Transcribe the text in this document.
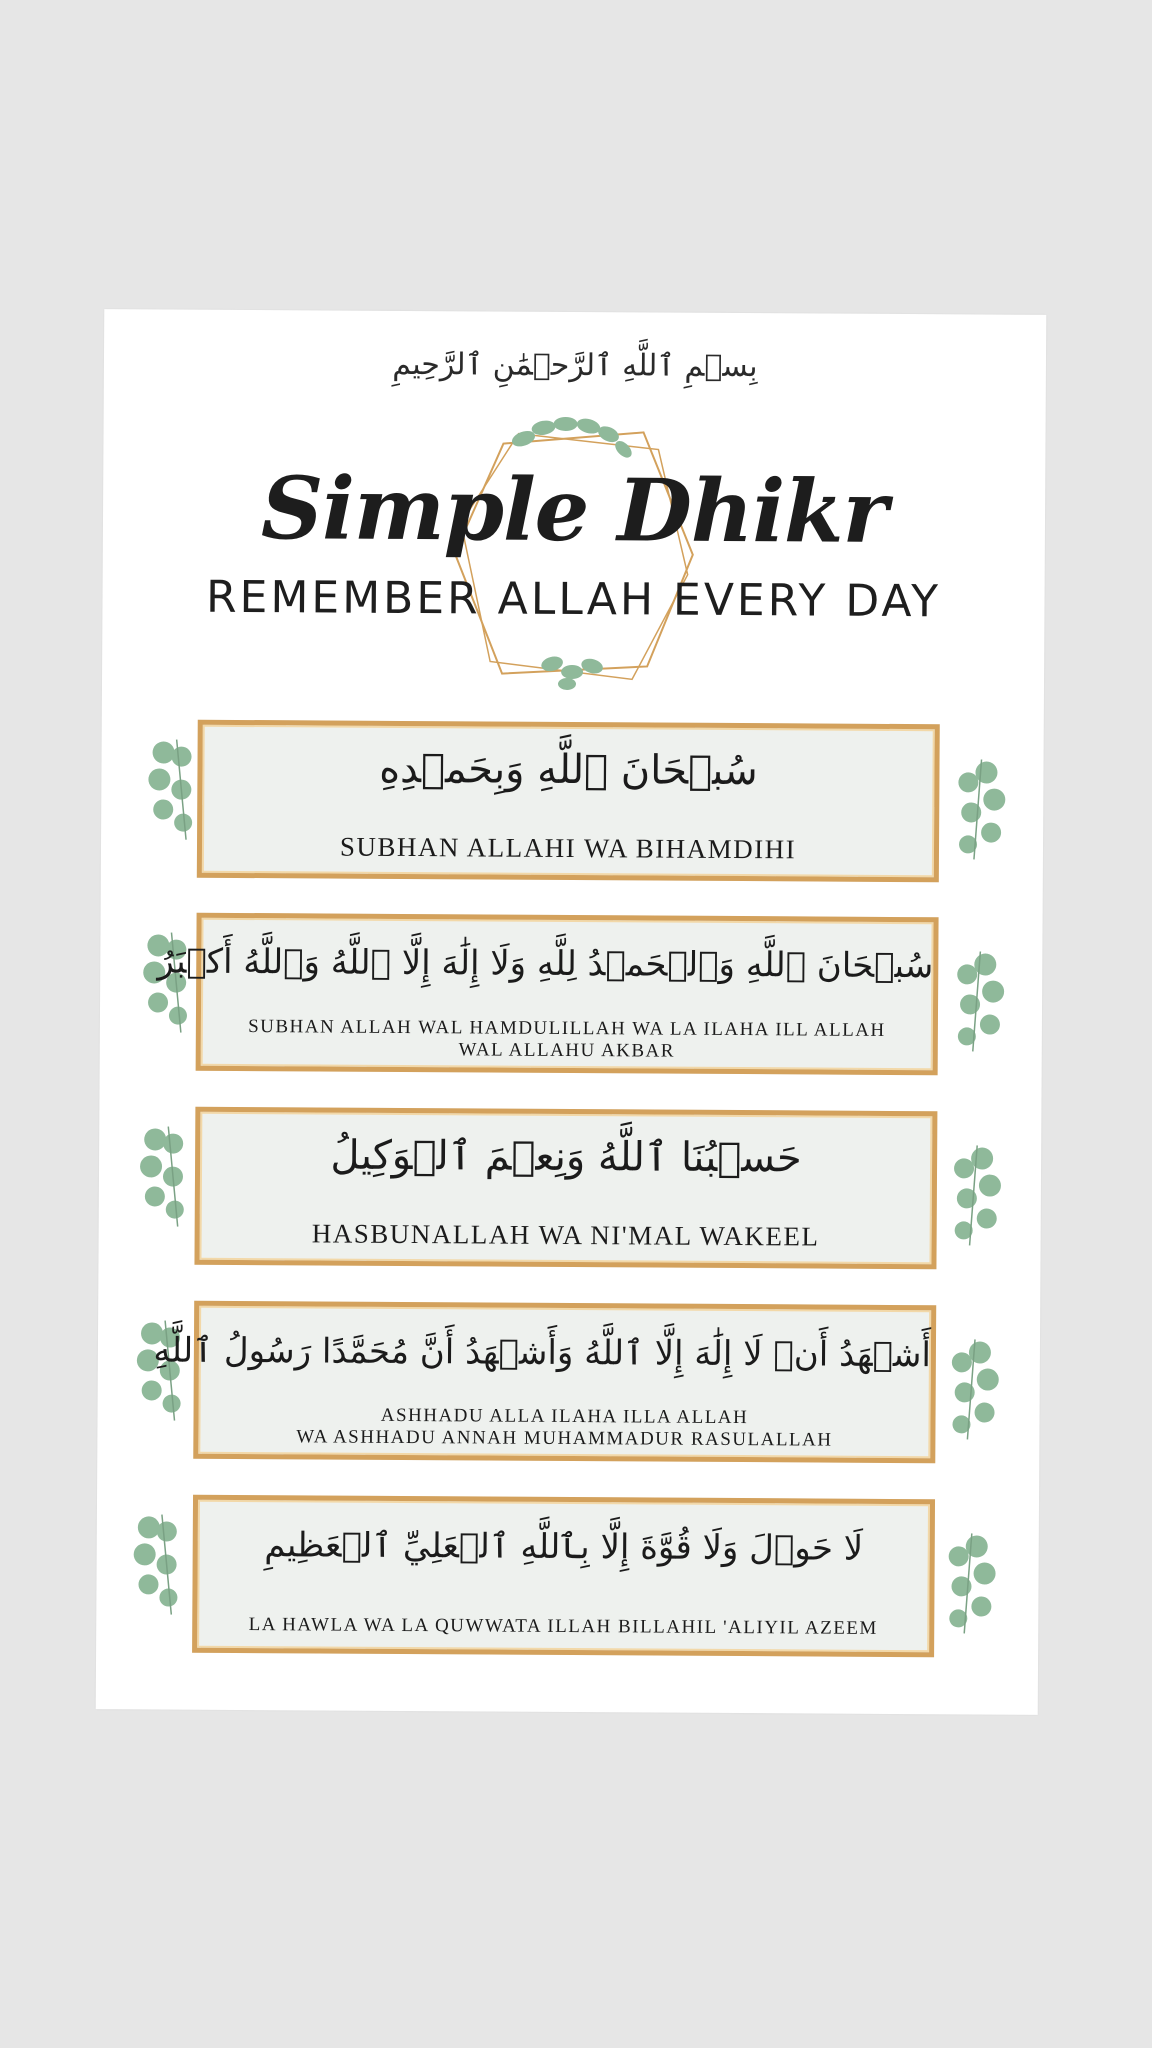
بِسۡمِ ٱللَّهِ ٱلرَّحۡمَٰنِ ٱلرَّحِيمِ
Simple Dhikr
REMEMBER ALLAH EVERY DAY
سُبۡحَانَ ٱللَّهِ وَبِحَمۡدِهِ
SUBHAN ALLAHI WA BIHAMDIHI
سُبۡحَانَ ٱللَّهِ وَٱلۡحَمۡدُ لِلَّهِ وَلَا إِلَٰهَ إِلَّا ٱللَّهُ وَٱللَّهُ أَكۡبَرُ
SUBHAN ALLAH WAL HAMDULILLAH WA LA ILAHA ILL ALLAH
WAL ALLAHU AKBAR
حَسۡبُنَا ٱللَّهُ وَنِعۡمَ ٱلۡوَكِيلُ
HASBUNALLAH WA NI'MAL WAKEEL
أَشۡهَدُ أَنۡ لَا إِلَٰهَ إِلَّا ٱللَّهُ وَأَشۡهَدُ أَنَّ مُحَمَّدًا رَسُولُ ٱللَّهِ
ASHHADU ALLA ILAHA ILLA ALLAH
WA ASHHADU ANNAH MUHAMMADUR RASULALLAH
لَا حَوۡلَ وَلَا قُوَّةَ إِلَّا بِٱللَّهِ ٱلۡعَلِيِّ ٱلۡعَظِيمِ
LA HAWLA WA LA QUWWATA ILLAH BILLAHIL 'ALIYIL AZEEM
